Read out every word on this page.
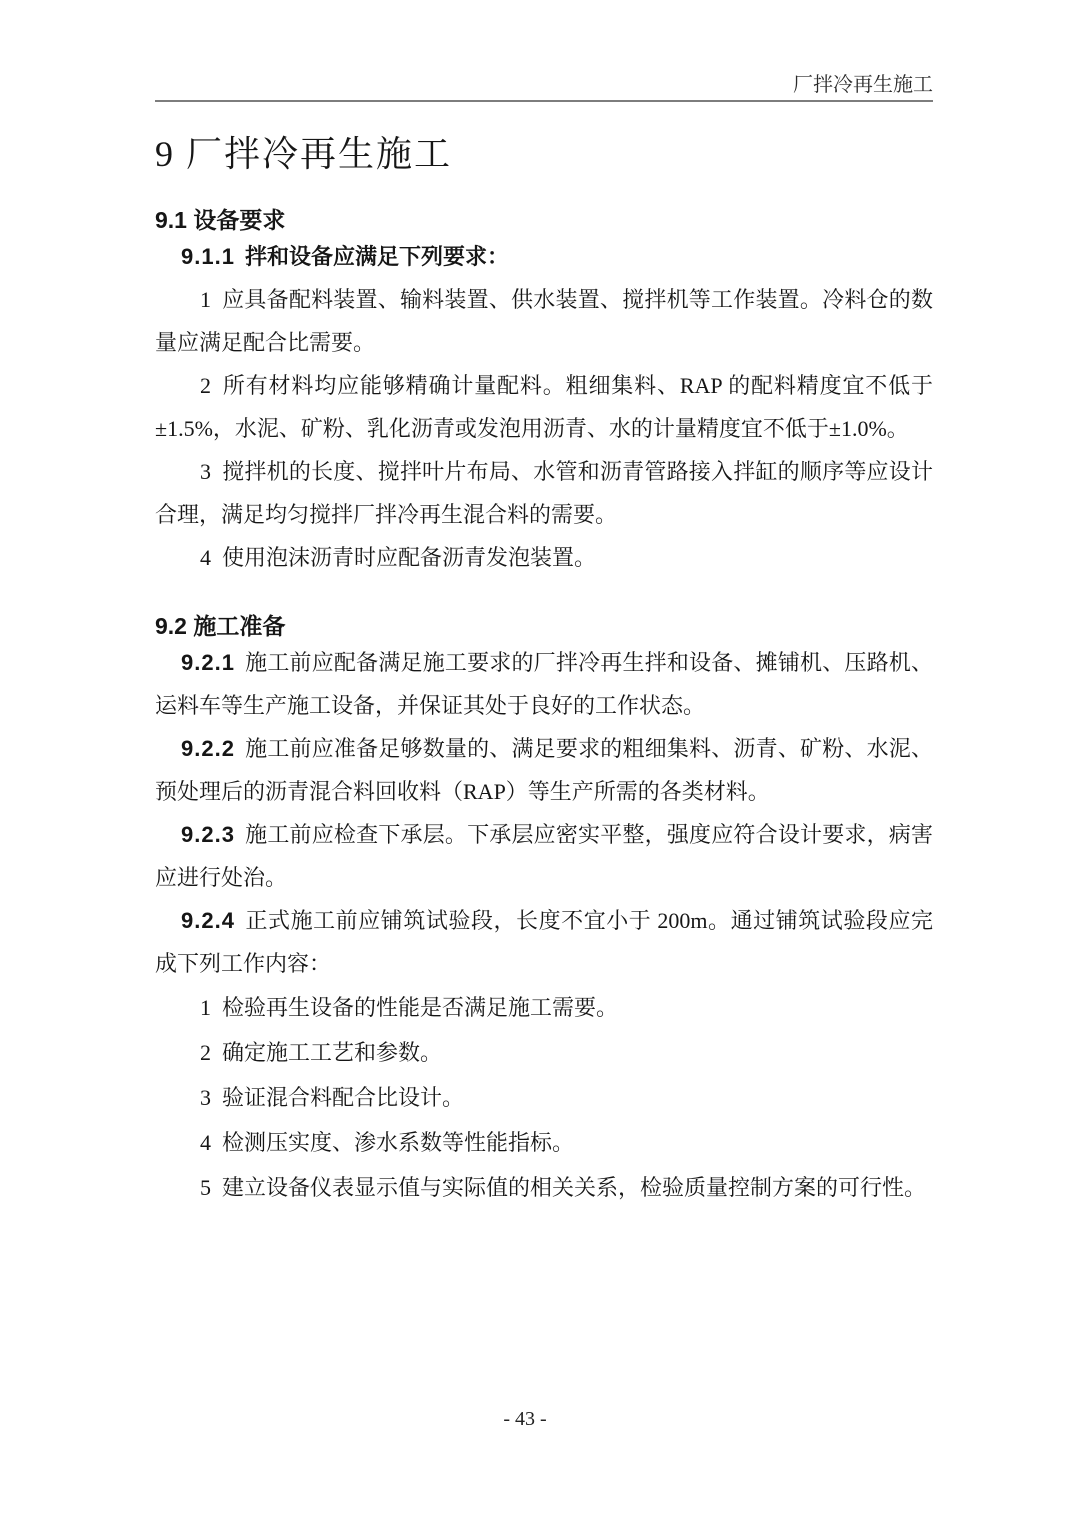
厂拌冷再生施工
9 厂拌冷再生施工
9.1 设备要求

9.1.1 拌和设备应满足下列要求：

1 应具备配料装置、输料装置、供水装置、搅拌机等工作装置。冷料仓的数量应满足配合比需要。

2 所有材料均应能够精确计量配料。粗细集料、RAP 的配料精度宜不低于±1.5%，水泥、矿粉、乳化沥青或发泡用沥青、水的计量精度宜不低于±1.0%。

3 搅拌机的长度、搅拌叶片布局、水管和沥青管路接入拌缸的顺序等应设计合理，满足均匀搅拌厂拌冷再生混合料的需要。

4 使用泡沫沥青时应配备沥青发泡装置。

9.2 施工准备

9.2.1 施工前应配备满足施工要求的厂拌冷再生拌和设备、摊铺机、压路机、运料车等生产施工设备，并保证其处于良好的工作状态。

9.2.2 施工前应准备足够数量的、满足要求的粗细集料、沥青、矿粉、水泥、预处理后的沥青混合料回收料（RAP）等生产所需的各类材料。

9.2.3 施工前应检查下承层。下承层应密实平整，强度应符合设计要求，病害应进行处治。

9.2.4 正式施工前应铺筑试验段，长度不宜小于 200m。通过铺筑试验段应完成下列工作内容：

1 检验再生设备的性能是否满足施工需要。

2 确定施工工艺和参数。

3 验证混合料配合比设计。

4 检测压实度、渗水系数等性能指标。

5 建立设备仪表显示值与实际值的相关关系，检验质量控制方案的可行性。

- 43 -
